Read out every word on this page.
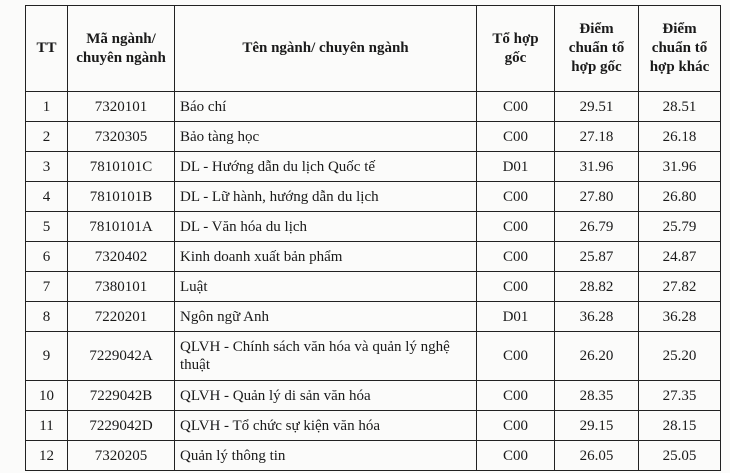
TT	Mã ngành/ chuyên ngành	Tên ngành/ chuyên ngành	Tổ hợp gốc	Điểm chuẩn tổ hợp gốc	Điểm chuẩn tổ hợp khác
1	7320101	Báo chí	C00	29.51	28.51
2	7320305	Bảo tàng học	C00	27.18	26.18
3	7810101C	DL - Hướng dẫn du lịch Quốc tế	D01	31.96	31.96
4	7810101B	DL - Lữ hành, hướng dẫn du lịch	C00	27.80	26.80
5	7810101A	DL - Văn hóa du lịch	C00	26.79	25.79
6	7320402	Kinh doanh xuất bản phẩm	C00	25.87	24.87
7	7380101	Luật	C00	28.82	27.82
8	7220201	Ngôn ngữ Anh	D01	36.28	36.28
9	7229042A	QLVH - Chính sách văn hóa và quản lý nghệ thuật	C00	26.20	25.20
10	7229042B	QLVH - Quản lý di sản văn hóa	C00	28.35	27.35
11	7229042D	QLVH - Tổ chức sự kiện văn hóa	C00	29.15	28.15
12	7320205	Quản lý thông tin	C00	26.05	25.05
